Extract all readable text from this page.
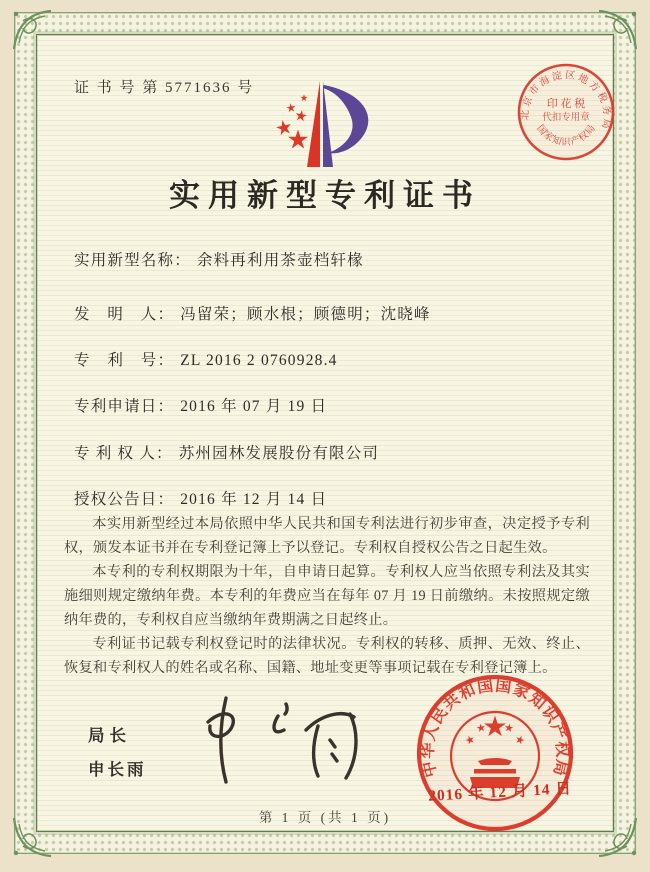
证 书 号 第 5771636 号
北京市海淀区地方税务局
国家知识产权局
印 花 税
代扣专用章
实用新型专利证书
实用新型名称： 余料再利用茶壶档轩椽
发　明　人： 冯留荣；顾水根；顾德明；沈晓峰
专　利　号： ZL 2016 2 0760928.4
专利申请日： 2016 年 07 月 19 日
专 利 权 人： 苏州园林发展股份有限公司
授权公告日： 2016 年 12 月 14 日

本实用新型经过本局依照中华人民共和国专利法进行初步审查，决定授予专利权，颁发本证书并在专利登记簿上予以登记。专利权自授权公告之日起生效。

本专利的专利权期限为十年，自申请日起算。专利权人应当依照专利法及其实施细则规定缴纳年费。本专利的年费应当在每年 07 月 19 日前缴纳。未按照规定缴纳年费的，专利权自应当缴纳年费期满之日起终止。

专利证书记载专利权登记时的法律状况。专利权的转移、质押、无效、终止、恢复和专利权人的姓名或名称、国籍、地址变更等事项记载在专利登记簿上。

局长
申长雨	中华人民共和国国家知识产权局
2016 年 12 月 14 日
第 1 页 (共 1 页)
